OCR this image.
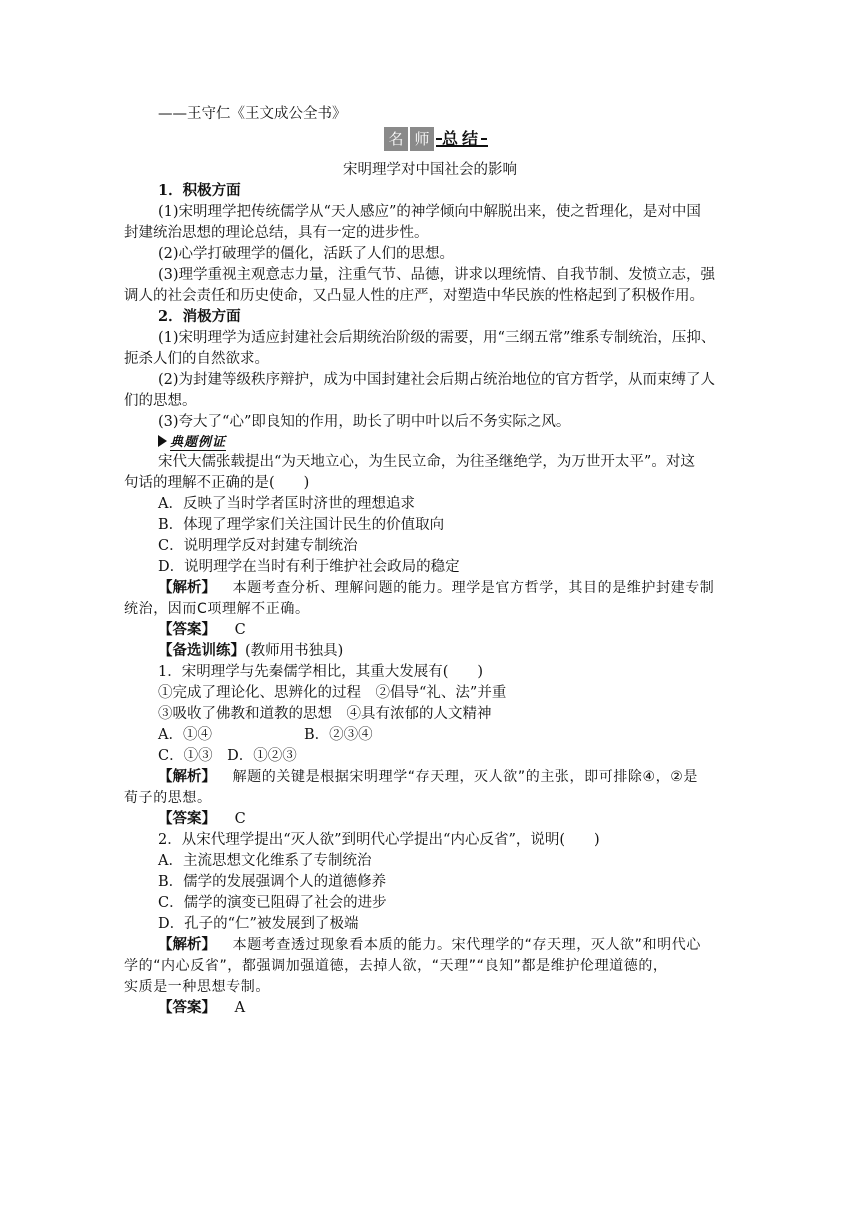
——王守仁《王文成公全书》
名 师 总 结
宋明理学对中国社会的影响
1．积极方面
(1)宋明理学把传统儒学从“天人感应”的神学倾向中解脱出来，使之哲理化，是对中国
封建统治思想的理论总结，具有一定的进步性。
(2)心学打破理学的僵化，活跃了人们的思想。
(3)理学重视主观意志力量，注重气节、品德，讲求以理统情、自我节制、发愤立志，强
调人的社会责任和历史使命，又凸显人性的庄严，对塑造中华民族的性格起到了积极作用。
2．消极方面
(1)宋明理学为适应封建社会后期统治阶级的需要，用“三纲五常”维系专制统治，压抑、
扼杀人们的自然欲求。
(2)为封建等级秩序辩护，成为中国封建社会后期占统治地位的官方哲学，从而束缚了人
们的思想。
(3)夸大了“心”即良知的作用，助长了明中叶以后不务实际之风。
典题例证
宋代大儒张载提出“为天地立心，为生民立命，为往圣继绝学，为万世开太平”。对这
句话的理解不正确的是(　　)
A．反映了当时学者匡时济世的理想追求
B．体现了理学家们关注国计民生的价值取向
C．说明理学反对封建专制统治
D．说明理学在当时有利于维护社会政局的稳定
【解析】 本题考查分析、理解问题的能力。理学是官方哲学，其目的是维护封建专制
统治，因而C项理解不正确。
【答案】 C
【备选训练】(教师用书独具)
1．宋明理学与先秦儒学相比，其重大发展有(　　)
①完成了理论化、思辨化的过程　②倡导“礼、法”并重
③吸收了佛教和道教的思想　④具有浓郁的人文精神
A．①④	B．②③④
C．①③　D．①②③
【解析】 解题的关键是根据宋明理学“存天理，灭人欲”的主张，即可排除④，②是
荀子的思想。
【答案】 C
2．从宋代理学提出“灭人欲”到明代心学提出“内心反省”，说明(　　)
A．主流思想文化维系了专制统治
B．儒学的发展强调个人的道德修养
C．儒学的演变已阻碍了社会的进步
D．孔子的“仁”被发展到了极端
【解析】 本题考查透过现象看本质的能力。宋代理学的“存天理，灭人欲”和明代心
学的“内心反省”，都强调加强道德，去掉人欲，“天理”“良知”都是维护伦理道德的，
实质是一种思想专制。
【答案】 A
